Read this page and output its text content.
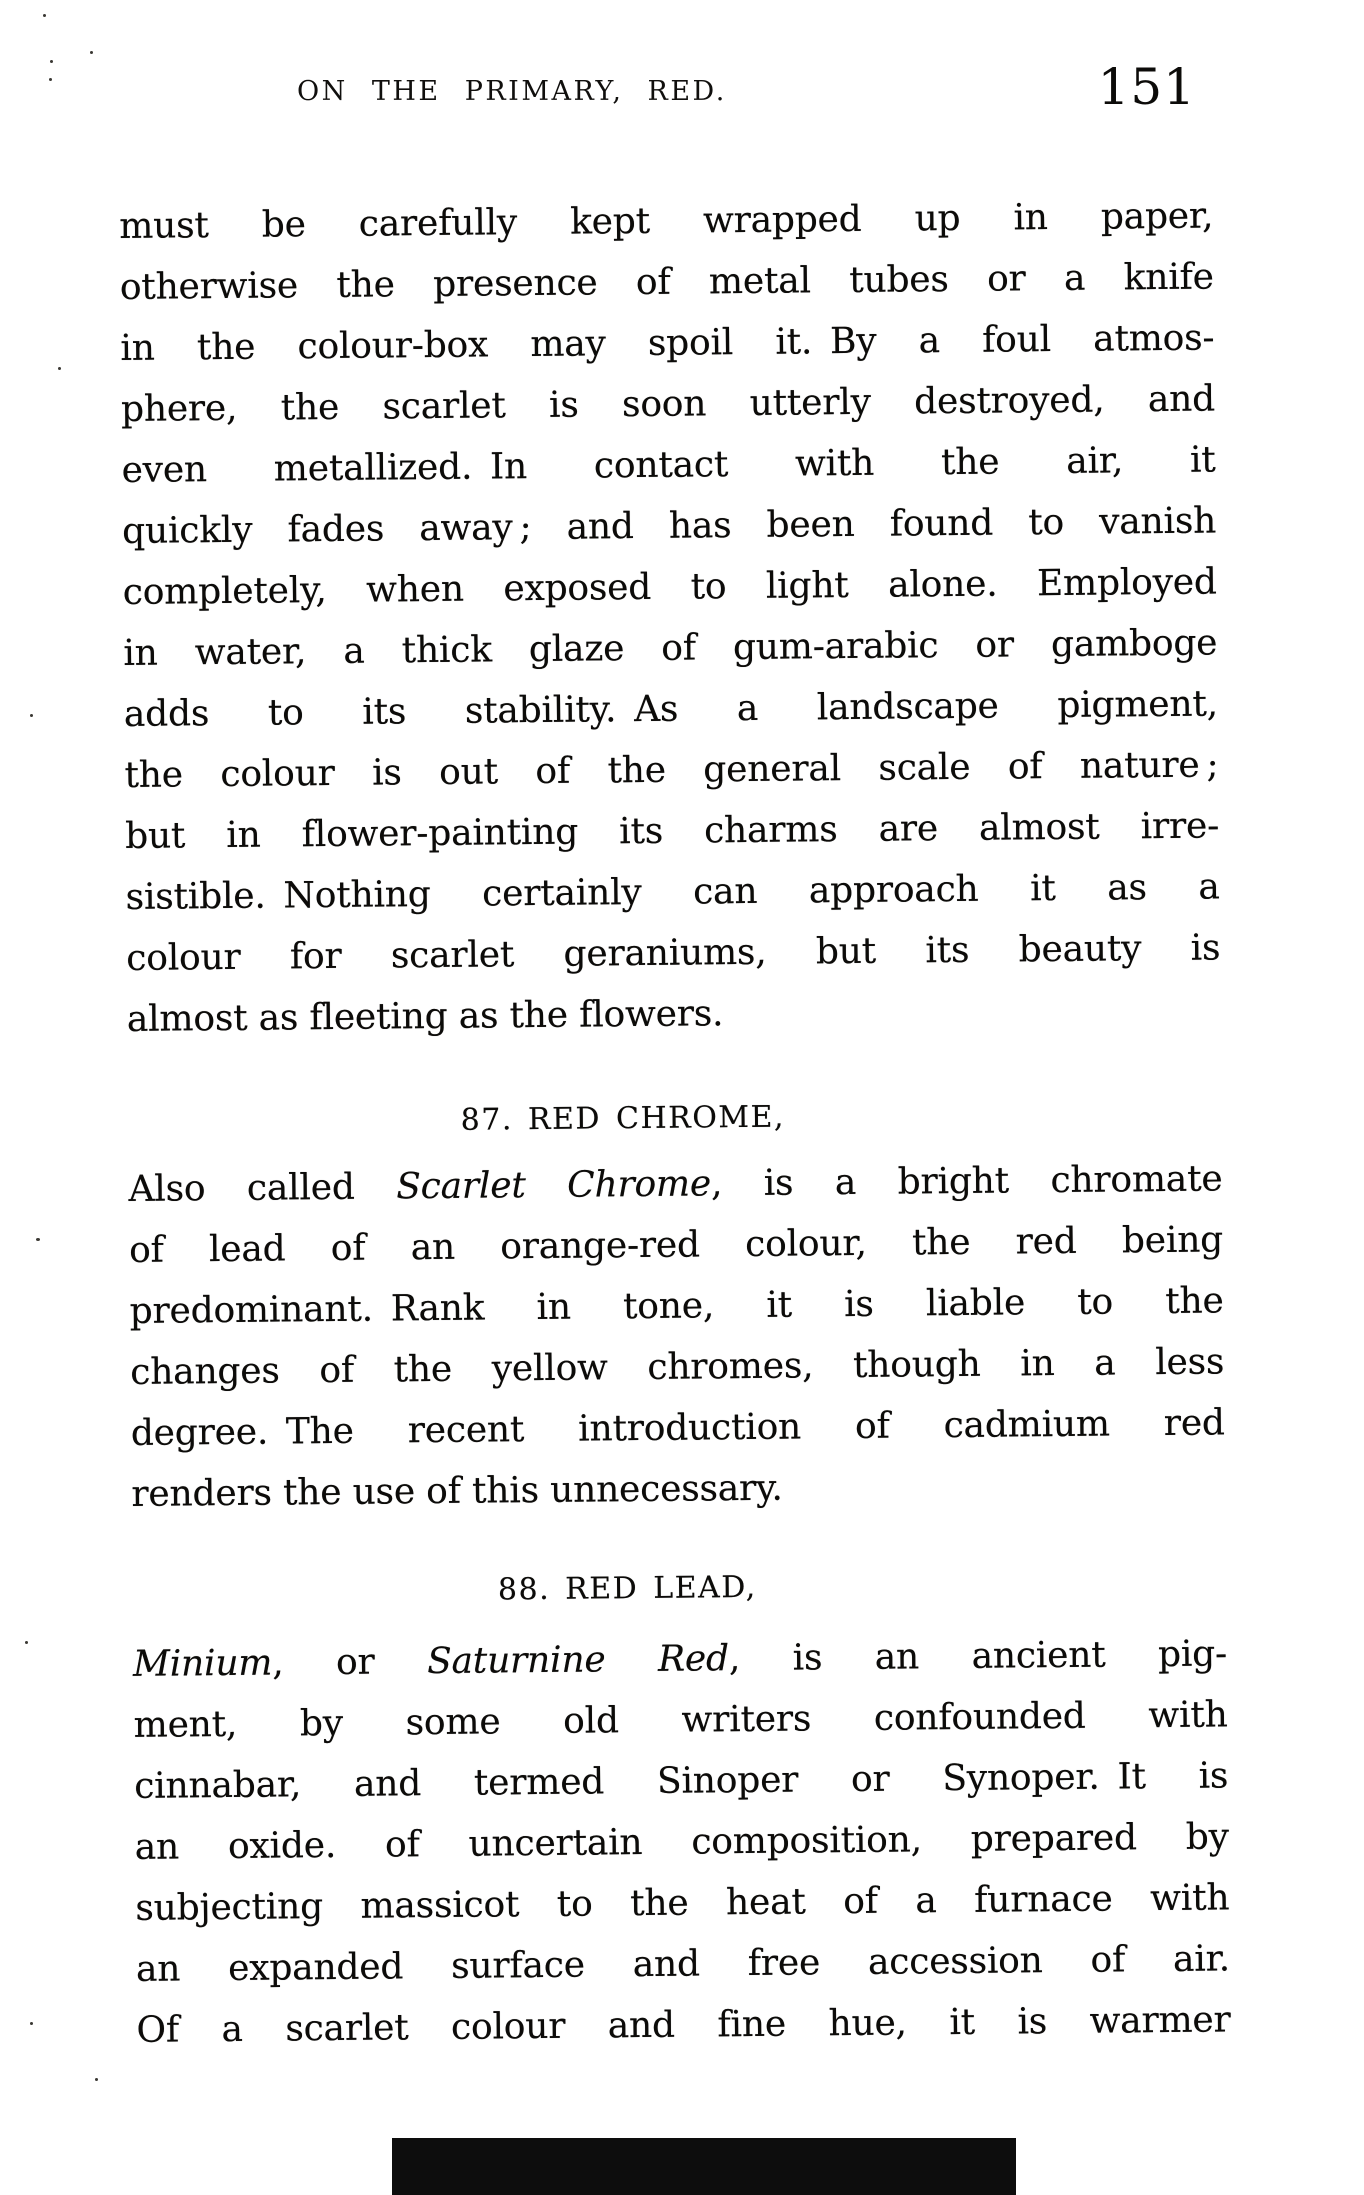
ON THE PRIMARY, RED.	151
must be carefully kept wrapped up in paper,
otherwise the presence of metal tubes or a knife
in the colour-box may spoil it. By a foul atmos-
phere, the scarlet is soon utterly destroyed, and
even metallized. In contact with the air, it
quickly fades away ; and has been found to vanish
completely, when exposed to light alone. Employed
in water, a thick glaze of gum-arabic or gamboge
adds to its stability. As a landscape pigment,
the colour is out of the general scale of nature ;
but in flower-painting its charms are almost irre-
sistible. Nothing certainly can approach it as a
colour for scarlet geraniums, but its beauty is
almost as fleeting as the flowers.
87. RED CHROME,
Also called Scarlet Chrome, is a bright chromate
of lead of an orange-red colour, the red being
predominant. Rank in tone, it is liable to the
changes of the yellow chromes, though in a less
degree. The recent introduction of cadmium red
renders the use of this unnecessary.
88. RED LEAD,
Minium, or Saturnine Red, is an ancient pig-
ment, by some old writers confounded with
cinnabar, and termed Sinoper or Synoper. It is
an oxide. of uncertain composition, prepared by
subjecting massicot to the heat of a furnace with
an expanded surface and free accession of air.
Of a scarlet colour and fine hue, it is warmer
